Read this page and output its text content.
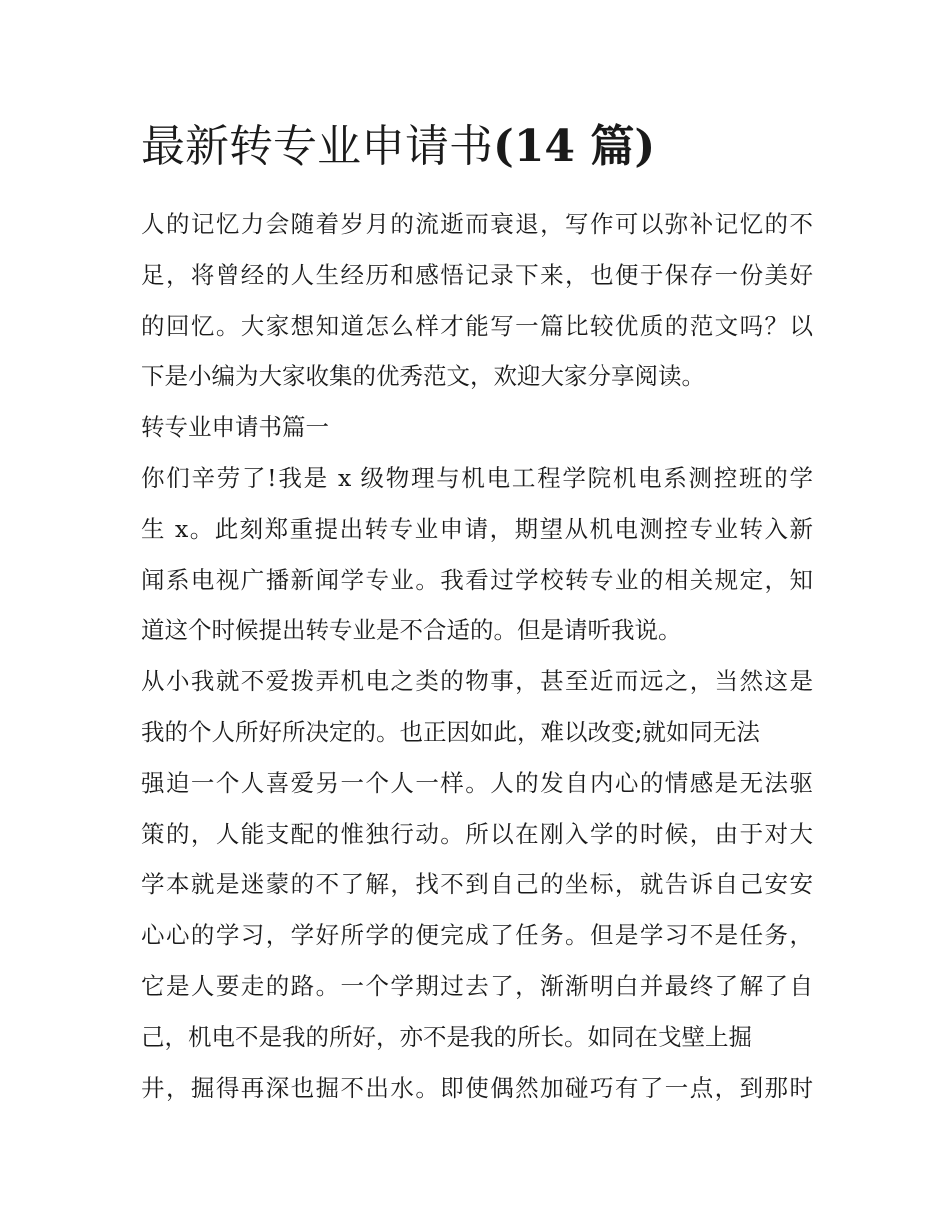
最新转专业申请书(14 篇)
人的记忆力会随着岁月的流逝而衰退，写作可以弥补记忆的不
足，将曾经的人生经历和感悟记录下来，也便于保存一份美好
的回忆。大家想知道怎么样才能写一篇比较优质的范文吗？以
下是小编为大家收集的优秀范文，欢迎大家分享阅读。
转专业申请书篇一
你们辛劳了!我是 x 级物理与机电工程学院机电系测控班的学
生 x。此刻郑重提出转专业申请，期望从机电测控专业转入新
闻系电视广播新闻学专业。我看过学校转专业的相关规定，知
道这个时候提出转专业是不合适的。但是请听我说。
从小我就不爱拨弄机电之类的物事，甚至近而远之，当然这是
我的个人所好所决定的。也正因如此，难以改变;就如同无法
强迫一个人喜爱另一个人一样。人的发自内心的情感是无法驱
策的，人能支配的惟独行动。所以在刚入学的时候，由于对大
学本就是迷蒙的不了解，找不到自己的坐标，就告诉自己安安
心心的学习，学好所学的便完成了任务。但是学习不是任务，
它是人要走的路。一个学期过去了，渐渐明白并最终了解了自
己，机电不是我的所好，亦不是我的所长。如同在戈壁上掘
井，掘得再深也掘不出水。即使偶然加碰巧有了一点，到那时
